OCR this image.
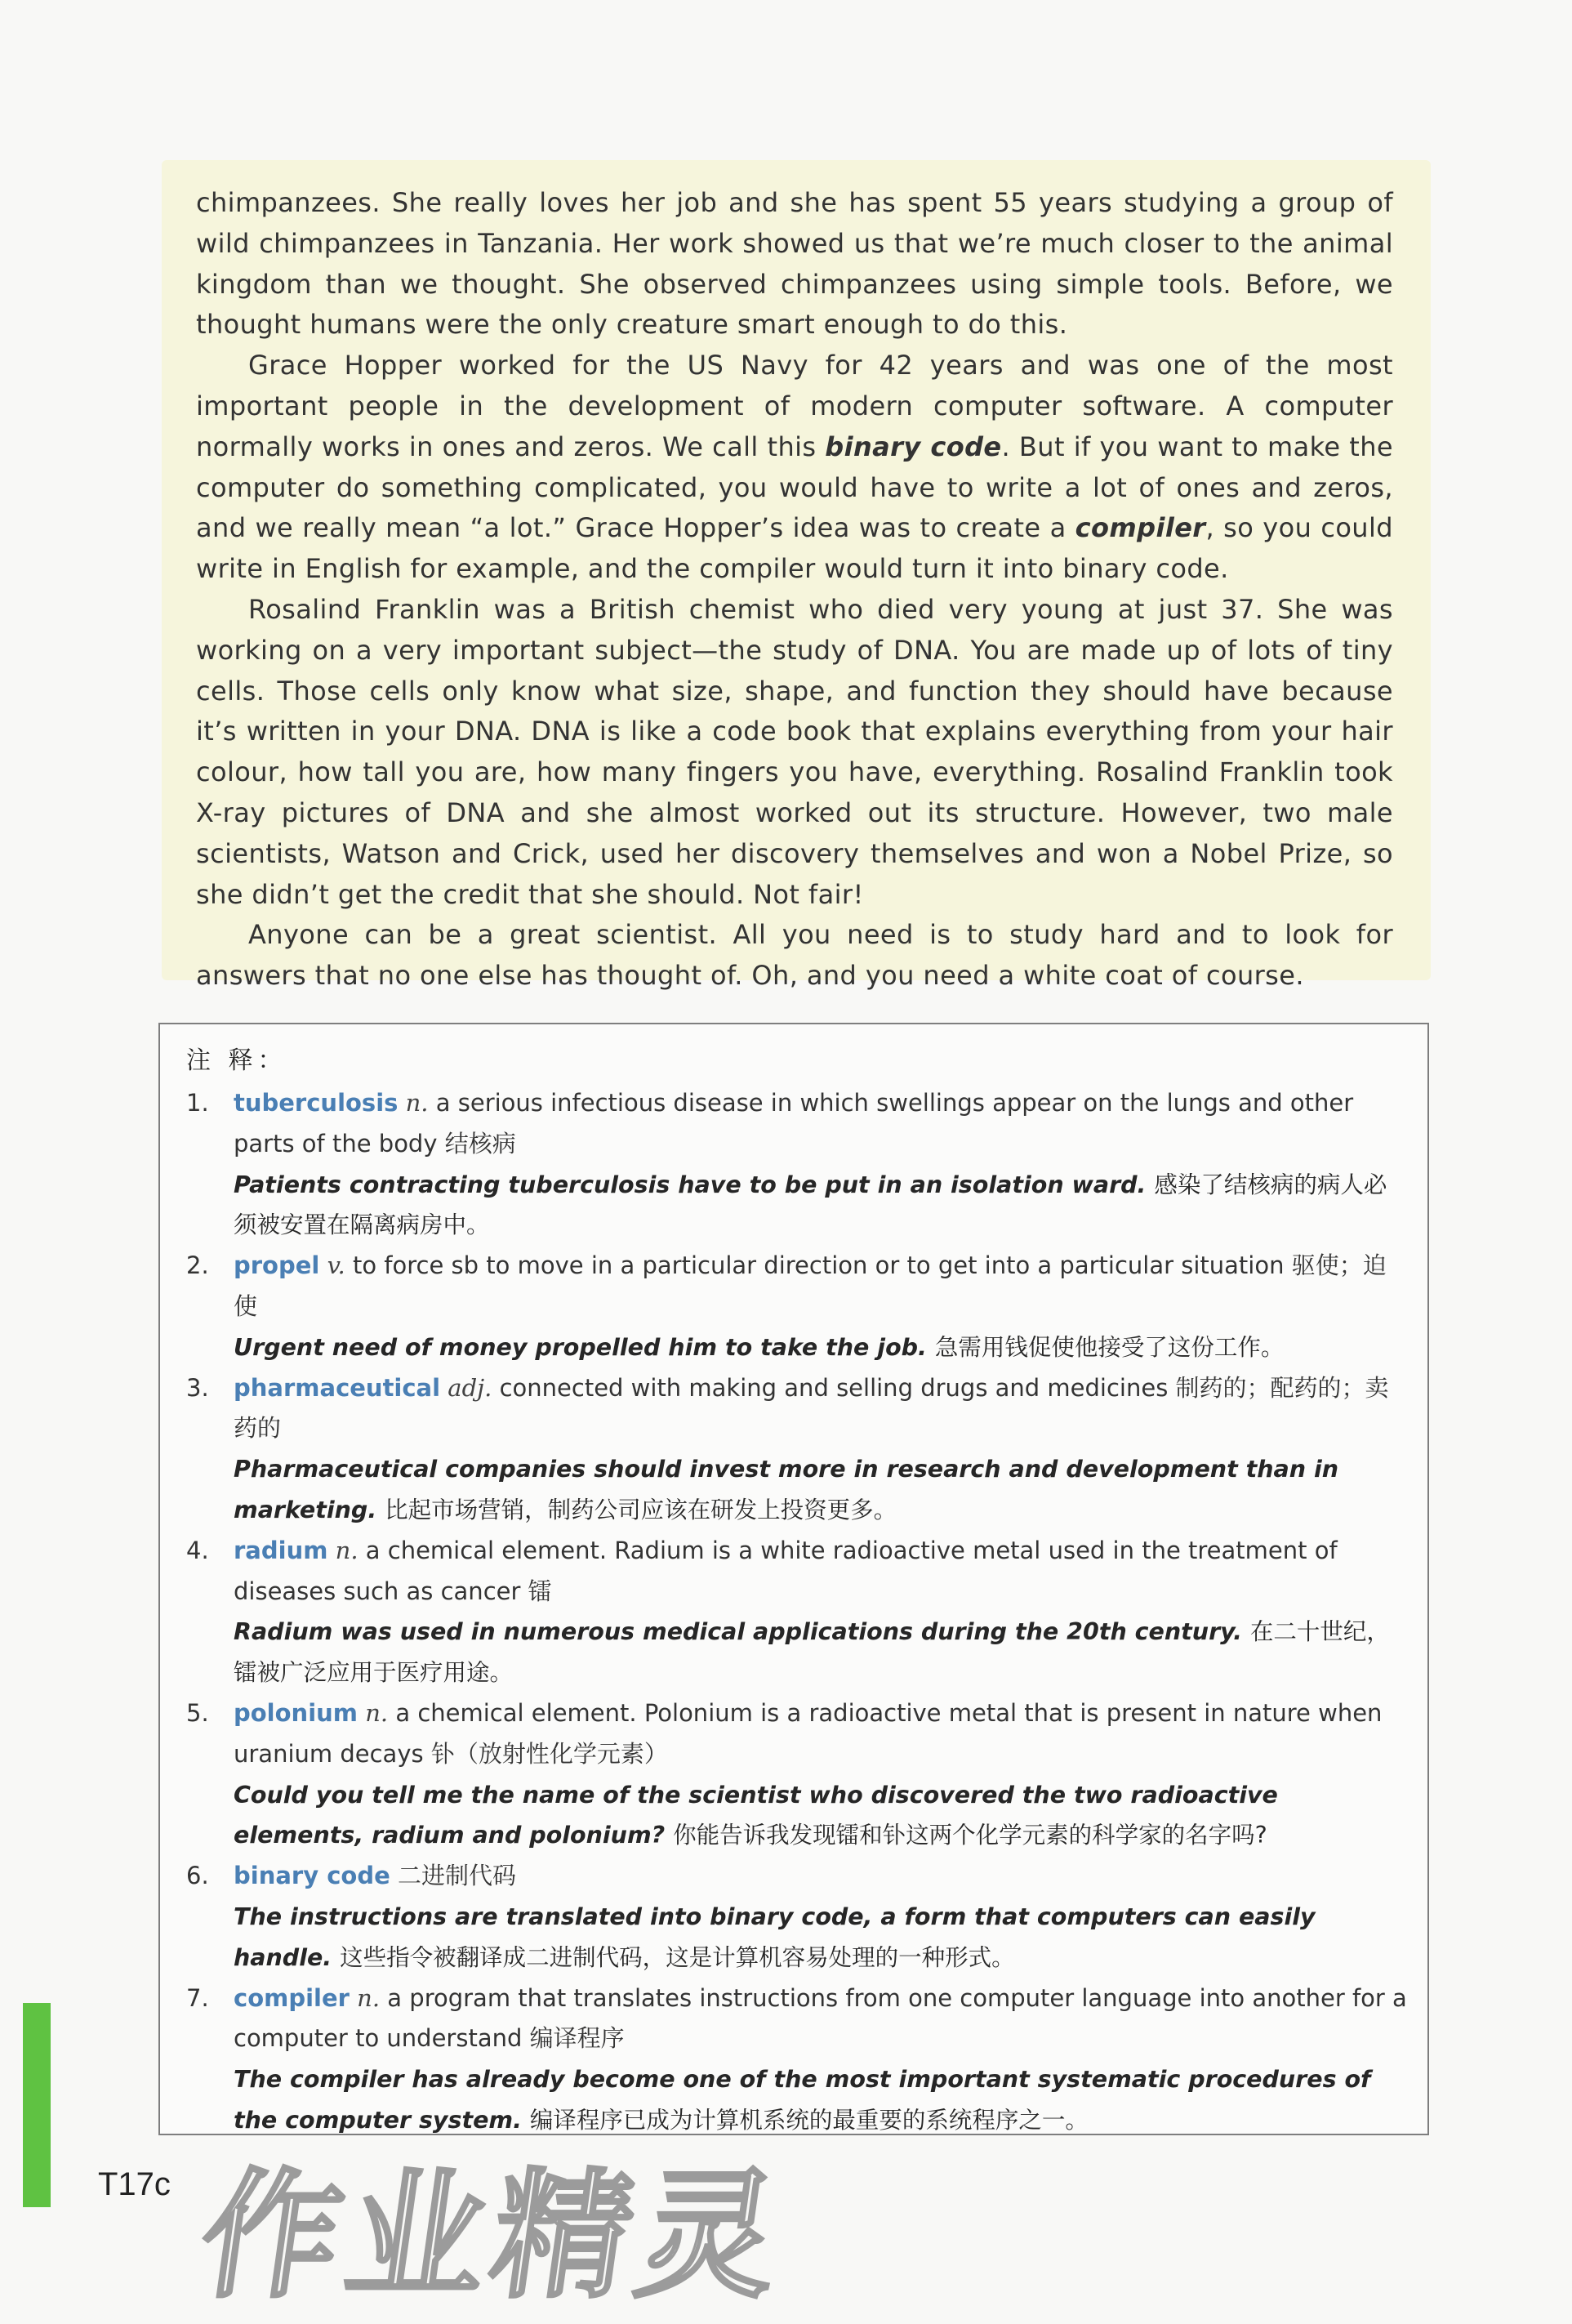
chimpanzees. She really loves her job and she has spent 55 years studying a group of wild chimpanzees in Tanzania. Her work showed us that we’re much closer to the animal kingdom than we thought. She observed chimpanzees using simple tools. Before, we thought humans were the only creature smart enough to do this.

Grace Hopper worked for the US Navy for 42 years and was one of the most important people in the development of modern computer software. A computer normally works in ones and zeros. We call this binary code. But if you want to make the computer do something complicated, you would have to write a lot of ones and zeros, and we really mean “a lot.” Grace Hopper’s idea was to create a compiler, so you could write in English for example, and the compiler would turn it into binary code.

Rosalind Franklin was a British chemist who died very young at just 37. She was working on a very important subject—the study of DNA. You are made up of lots of tiny cells. Those cells only know what size, shape, and function they should have because it’s written in your DNA. DNA is like a code book that explains everything from your hair colour, how tall you are, how many fingers you have, everything. Rosalind Franklin took X-ray pictures of DNA and she almost worked out its structure. However, two male scientists, Watson and Crick, used her discovery themselves and won a Nobel Prize, so she didn’t get the credit that she should. Not fair!

Anyone can be a great scientist. All you need is to study hard and to look for answers that no one else has thought of. Oh, and you need a white coat of course.

注 释：
1.	tuberculosis n. a serious infectious disease in which swellings appear on the lungs and other parts of the body 结核病
Patients contracting tuberculosis have to be put in an isolation ward. 感染了结核病的病人必须被安置在隔离病房中。
2.	propel v. to force sb to move in a particular direction or to get into a particular situation 驱使；迫使
Urgent need of money propelled him to take the job. 急需用钱促使他接受了这份工作。
3.	pharmaceutical adj. connected with making and selling drugs and medicines 制药的；配药的；卖药的
Pharmaceutical companies should invest more in research and development than in marketing. 比起市场营销，制药公司应该在研发上投资更多。
4.	radium n. a chemical element. Radium is a white radioactive metal used in the treatment of diseases such as cancer 镭
Radium was used in numerous medical applications during the 20th century. 在二十世纪，镭被广泛应用于医疗用途。
5.	polonium n. a chemical element. Polonium is a radioactive metal that is present in nature when uranium decays 钋（放射性化学元素）
Could you tell me the name of the scientist who discovered the two radioactive elements, radium and polonium? 你能告诉我发现镭和钋这两个化学元素的科学家的名字吗?
6.	binary code 二进制代码
The instructions are translated into binary code, a form that computers can easily handle. 这些指令被翻译成二进制代码，这是计算机容易处理的一种形式。
7.	compiler n. a program that translates instructions from one computer language into another for a computer to understand 编译程序
The compiler has already become one of the most important systematic procedures of the computer system. 编译程序已成为计算机系统的最重要的系统程序之一。
T17c 作业精灵
